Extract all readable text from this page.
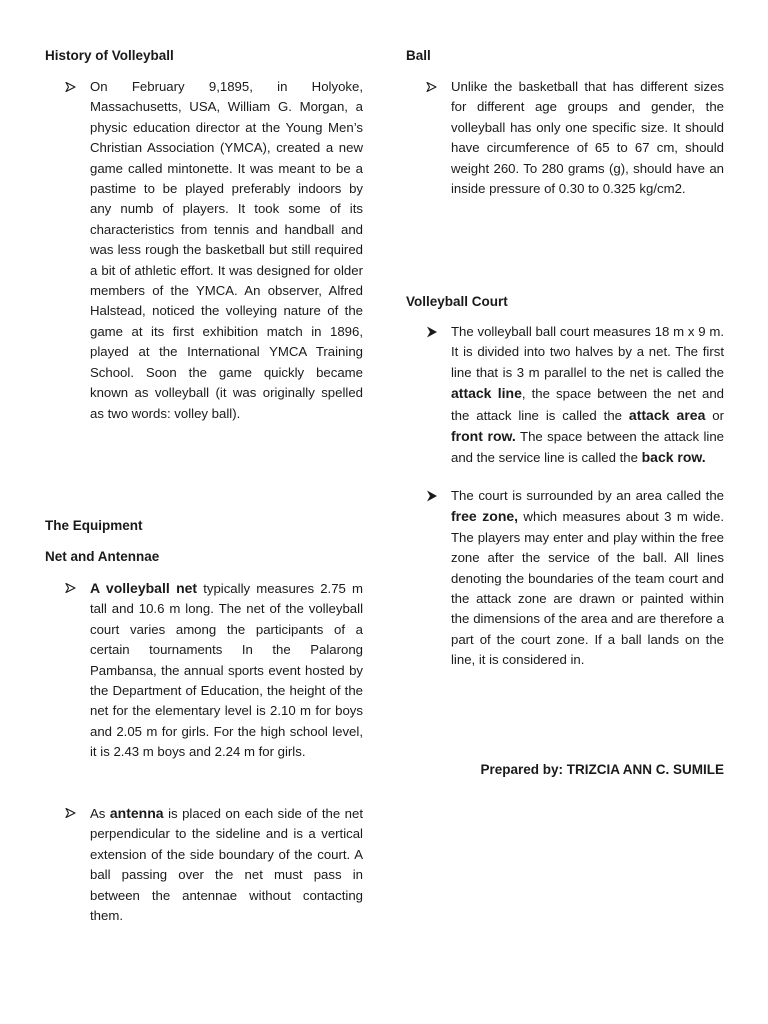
History of Volleyball
On February 9,1895, in Holyoke, Massachusetts, USA, William G. Morgan, a physic education director at the Young Men’s Christian Association (YMCA), created a new game called mintonette. It was meant to be a pastime to be played preferably indoors by any numb of players. It took some of its characteristics from tennis and handball and was less rough the basketball but still required a bit of athletic effort. It was designed for older members of the YMCA. An observer, Alfred Halstead, noticed the volleying nature of the game at its first exhibition match in 1896, played at the International YMCA Training School. Soon the game quickly became known as volleyball (it was originally spelled as two words: volley ball).
The Equipment
Net and Antennae
A volleyball net typically measures 2.75 m tall and 10.6 m long. The net of the volleyball court varies among the participants of a certain tournaments In the Palarong Pambansa, the annual sports event hosted by the Department of Education, the height of the net for the elementary level is 2.10 m for boys and 2.05 m for girls. For the high school level, it is 2.43 m boys and 2.24 m for girls.
As antenna is placed on each side of the net perpendicular to the sideline and is a vertical extension of the side boundary of the court. A ball passing over the net must pass in between the antennae without contacting them.
Ball
Unlike the basketball that has different sizes for different age groups and gender, the volleyball has only one specific size. It should have circumference of 65 to 67 cm, should weight 260. To 280 grams (g), should have an inside pressure of 0.30 to 0.325 kg/cm2.
Volleyball Court
The volleyball ball court measures 18 m x 9 m. It is divided into two halves by a net. The first line that is 3 m parallel to the net is called the attack line, the space between the net and the attack line is called the attack area or front row. The space between the attack line and the service line is called the back row.
The court is surrounded by an area called the free zone, which measures about 3 m wide. The players may enter and play within the free zone after the service of the ball. All lines denoting the boundaries of the team court and the attack zone are drawn or painted within the dimensions of the area and are therefore a part of the court zone. If a ball lands on the line, it is considered in.
Prepared by: TRIZCIA ANN C. SUMILE
